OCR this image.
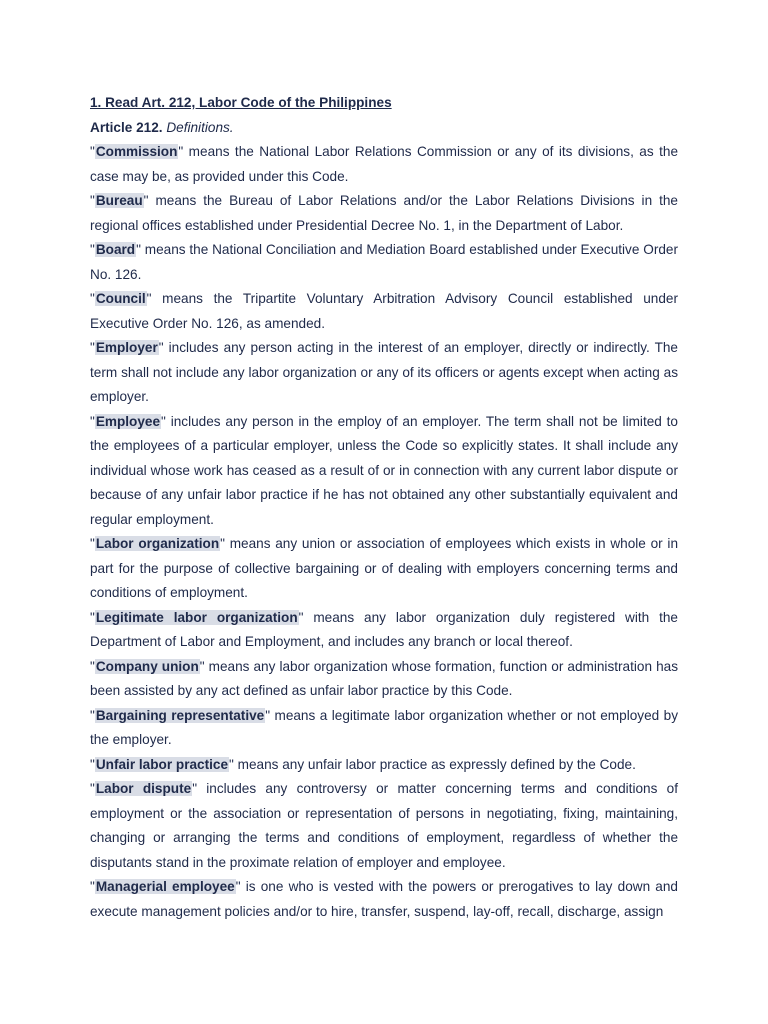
1. Read Art. 212, Labor Code of the Philippines

Article 212. Definitions.

"Commission" means the National Labor Relations Commission or any of its divisions, as the case may be, as provided under this Code.

"Bureau" means the Bureau of Labor Relations and/or the Labor Relations Divisions in the regional offices established under Presidential Decree No. 1, in the Department of Labor.

"Board" means the National Conciliation and Mediation Board established under Executive Order No. 126.

"Council" means the Tripartite Voluntary Arbitration Advisory Council established under Executive Order No. 126, as amended.

"Employer" includes any person acting in the interest of an employer, directly or indirectly. The term shall not include any labor organization or any of its officers or agents except when acting as employer.

"Employee" includes any person in the employ of an employer. The term shall not be limited to the employees of a particular employer, unless the Code so explicitly states. It shall include any individual whose work has ceased as a result of or in connection with any current labor dispute or because of any unfair labor practice if he has not obtained any other substantially equivalent and regular employment.

"Labor organization" means any union or association of employees which exists in whole or in part for the purpose of collective bargaining or of dealing with employers concerning terms and conditions of employment.

"Legitimate labor organization" means any labor organization duly registered with the Department of Labor and Employment, and includes any branch or local thereof.

"Company union" means any labor organization whose formation, function or administration has been assisted by any act defined as unfair labor practice by this Code.

"Bargaining representative" means a legitimate labor organization whether or not employed by the employer.

"Unfair labor practice" means any unfair labor practice as expressly defined by the Code.

"Labor dispute" includes any controversy or matter concerning terms and conditions of employment or the association or representation of persons in negotiating, fixing, maintaining, changing or arranging the terms and conditions of employment, regardless of whether the disputants stand in the proximate relation of employer and employee.

"Managerial employee" is one who is vested with the powers or prerogatives to lay down and execute management policies and/or to hire, transfer, suspend, lay-off, recall, discharge, assign
